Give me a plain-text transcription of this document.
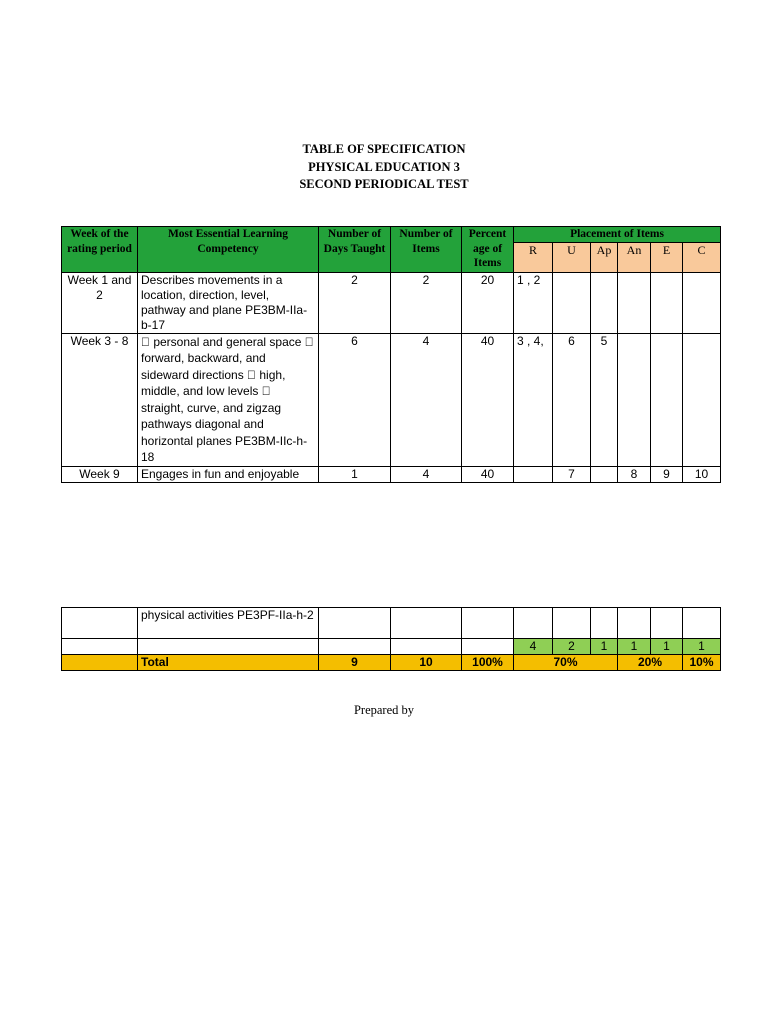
TABLE OF SPECIFICATION
PHYSICAL EDUCATION 3
SECOND PERIODICAL TEST
Week of the rating period	Most Essential Learning Competency	Number of Days Taught	Number of Items	Percent age of Items	Placement of Items					
					R	U	Ap	An	E	C
Week 1 and 2	Describes movements in a location, direction, level, pathway and plane PE3BM-IIa-b-17	2	2	20	1 , 2					
Week 3 - 8	personal and general space forward, backward, and sideward directions high, middle, and low levels straight, curve, and zigzag pathways diagonal and horizontal planes PE3BM-IIc-h-18	6	4	40	3 , 4,	6	5			
Week 9	Engages in fun and enjoyable	1	4	40		7		8	9	10
	physical activities PE3PF-IIa-h-2									
					4	2	1	1	1	1
	Total	9	10	100%	70%			20%		10%
Prepared by
